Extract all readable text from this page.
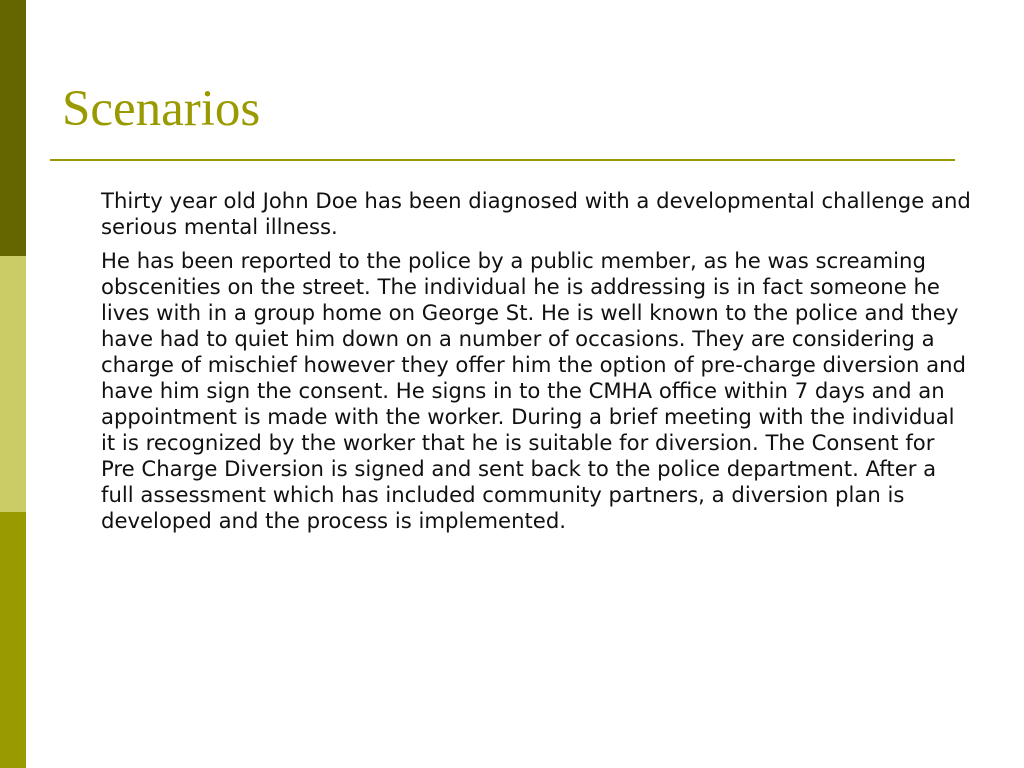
Scenarios

Thirty year old John Doe has been diagnosed with a developmental challenge and serious mental illness.

He has been reported to the police by a public member, as he was screaming obscenities on the street. The individual he is addressing is in fact someone he lives with in a group home on George St. He is well known to the police and they have had to quiet him down on a number of occasions. They are considering a charge of mischief however they offer him the option of pre-charge diversion and have him sign the consent. He signs in to the CMHA office within 7 days and an appointment is made with the worker. During a brief meeting with the individual it is recognized by the worker that he is suitable for diversion. The Consent for Pre Charge Diversion is signed and sent back to the police department. After a full assessment which has included community partners, a diversion plan is developed and the process is implemented.
